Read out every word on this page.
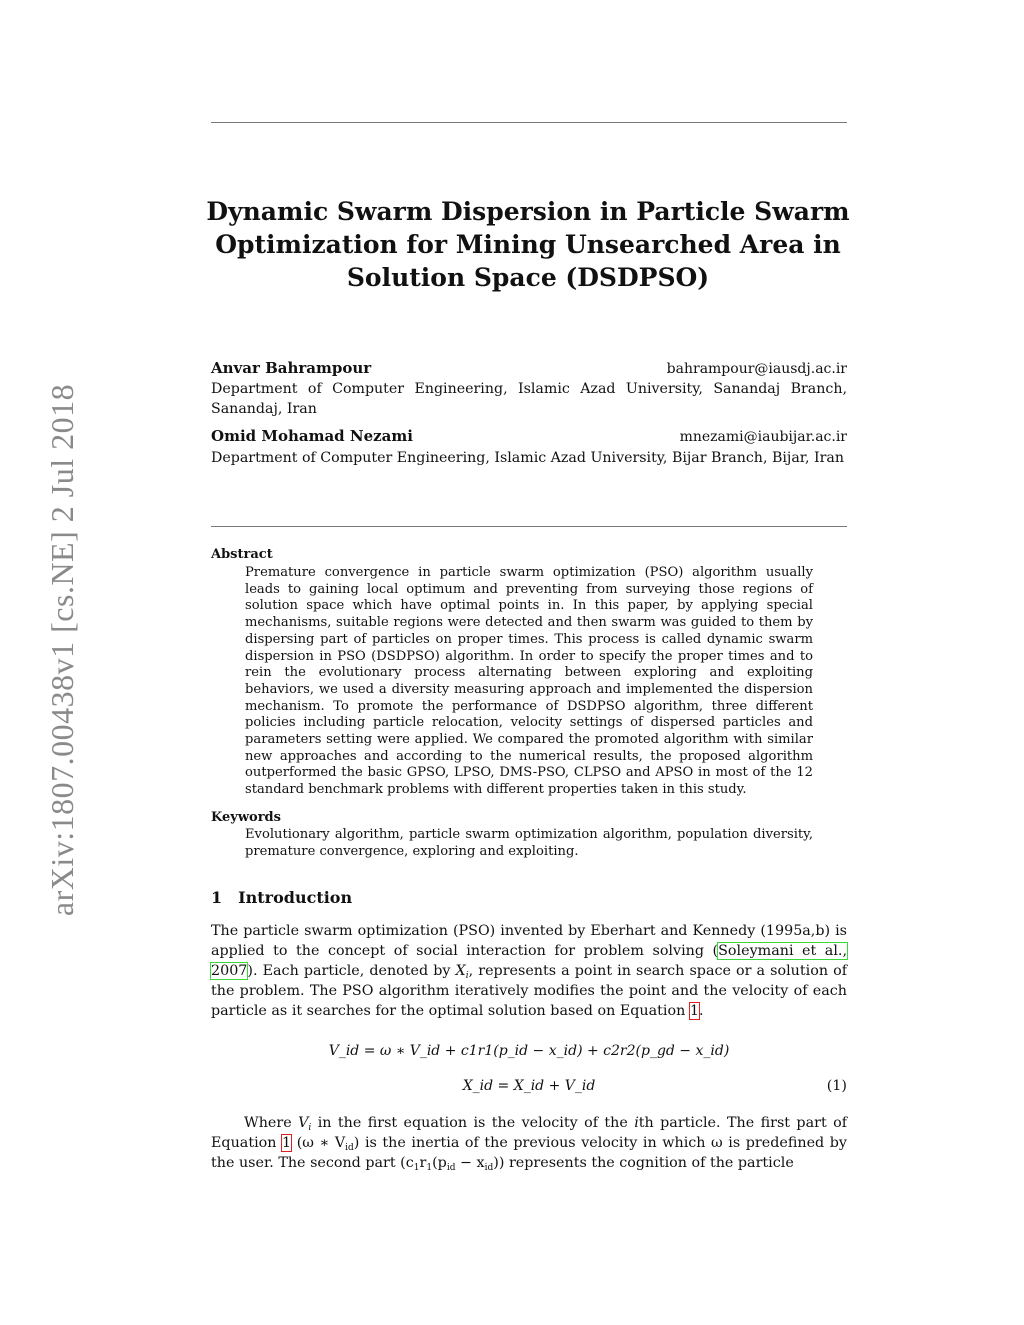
arXiv:1807.00438v1 [cs.NE] 2 Jul 2018
Dynamic Swarm Dispersion in Particle Swarm
Optimization for Mining Unsearched Area in
Solution Space (DSDPSO)
Anvar Bahrampour	bahrampour@iausdj.ac.ir
Department of Computer Engineering, Islamic Azad University, Sanandaj Branch, Sanandaj, Iran
Omid Mohamad Nezami	mnezami@iaubijar.ac.ir
Department of Computer Engineering, Islamic Azad University, Bijar Branch, Bijar, Iran
Abstract
Premature convergence in particle swarm optimization (PSO) algorithm usually leads to gaining local optimum and preventing from surveying those regions of solution space which have optimal points in. In this paper, by applying special mechanisms, suitable regions were detected and then swarm was guided to them by dispersing part of particles on proper times. This process is called dynamic swarm dispersion in PSO (DSDPSO) algorithm. In order to specify the proper times and to rein the evolutionary process alternating between exploring and exploiting behaviors, we used a diversity measuring approach and implemented the dispersion mechanism. To promote the performance of DSDPSO algorithm, three different policies including particle relocation, velocity settings of dispersed particles and parameters setting were applied. We compared the promoted algorithm with similar new approaches and according to the numerical results, the proposed algorithm outperformed the basic GPSO, LPSO, DMS-PSO, CLPSO and APSO in most of the 12 standard benchmark problems with different properties taken in this study.
Keywords
Evolutionary algorithm, particle swarm optimization algorithm, population diversity, premature convergence, exploring and exploiting.
1 Introduction
The particle swarm optimization (PSO) invented by Eberhart and Kennedy (1995a,b) is applied to the concept of social interaction for problem solving (Soleymani et al., 2007). Each particle, denoted by $X_i$, represents a point in search space or a solution of the problem. The PSO algorithm iteratively modifies the point and the velocity of each particle as it searches for the optimal solution based on Equation 1.
V_id = ω ∗ V_id + c1r1(p_id − x_id) + c2r2(p_gd − x_id)
X_id = X_id + V_id	(1)
Where $V_i$ in the first equation is the velocity of the ith particle. The first part of Equation 1 (ω ∗ $V_{id}$) is the inertia of the previous velocity in which ω is predefined by the user. The second part $(c_1r_1(p_{id} - x_{id}))$ represents the cognition of the particle
